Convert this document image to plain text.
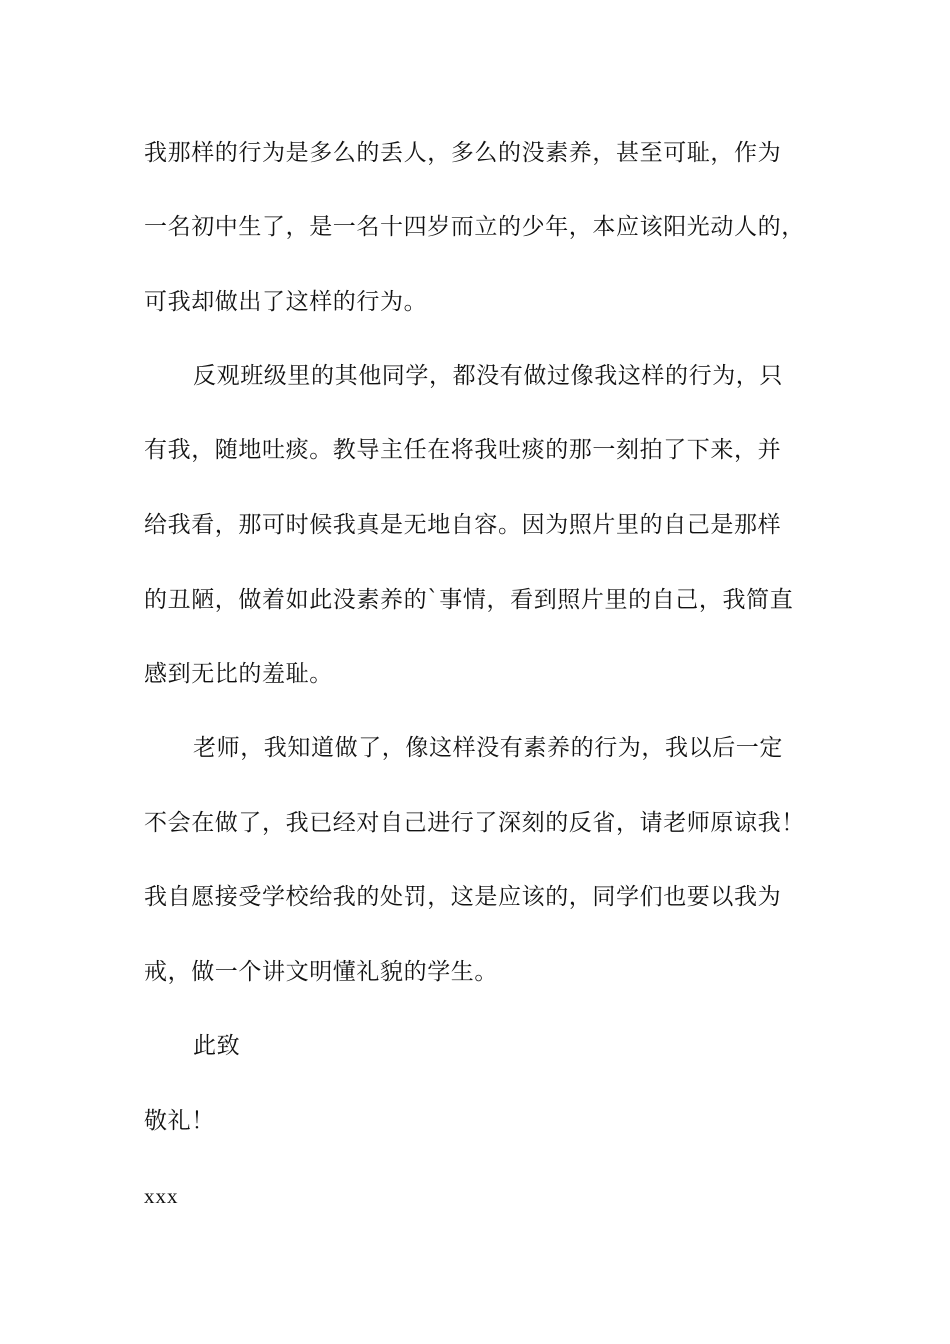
我那样的行为是多么的丢人，多么的没素养，甚至可耻，作为
一名初中生了，是一名十四岁而立的少年，本应该阳光动人的，
可我却做出了这样的行为。
反观班级里的其他同学，都没有做过像我这样的行为，只
有我，随地吐痰。教导主任在将我吐痰的那一刻拍了下来，并
给我看，那可时候我真是无地自容。因为照片里的自己是那样
的丑陋，做着如此没素养的`事情，看到照片里的自己，我简直
感到无比的羞耻。
老师，我知道做了，像这样没有素养的行为，我以后一定
不会在做了，我已经对自己进行了深刻的反省，请老师原谅我！
我自愿接受学校给我的处罚，这是应该的，同学们也要以我为
戒，做一个讲文明懂礼貌的学生。
此致
敬礼！
xxx
